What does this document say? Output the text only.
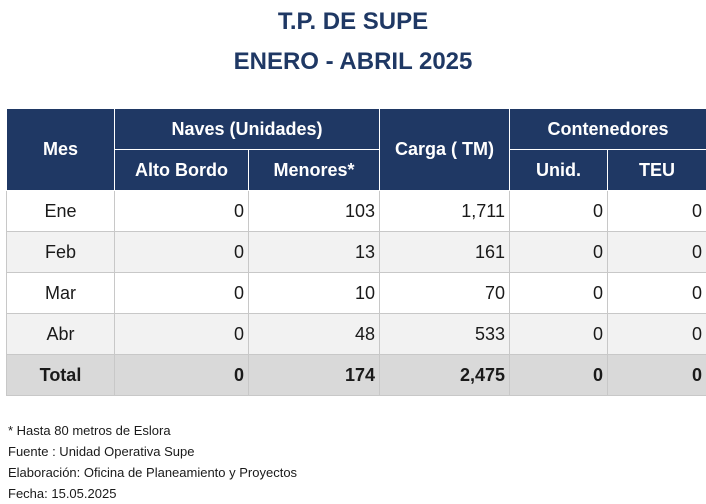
T.P. DE SUPE
ENERO - ABRIL 2025
Mes	Naves (Unidades)		Carga ( TM)	Contenedores	
	Alto Bordo	Menores*		Unid.	TEU
Ene	0	103	1,711	0	0
Feb	0	13	161	0	0
Mar	0	10	70	0	0
Abr	0	48	533	0	0
Total	0	174	2,475	0	0
* Hasta 80 metros de Eslora
Fuente : Unidad Operativa Supe
Elaboración: Oficina de Planeamiento y Proyectos
Fecha: 15.05.2025
